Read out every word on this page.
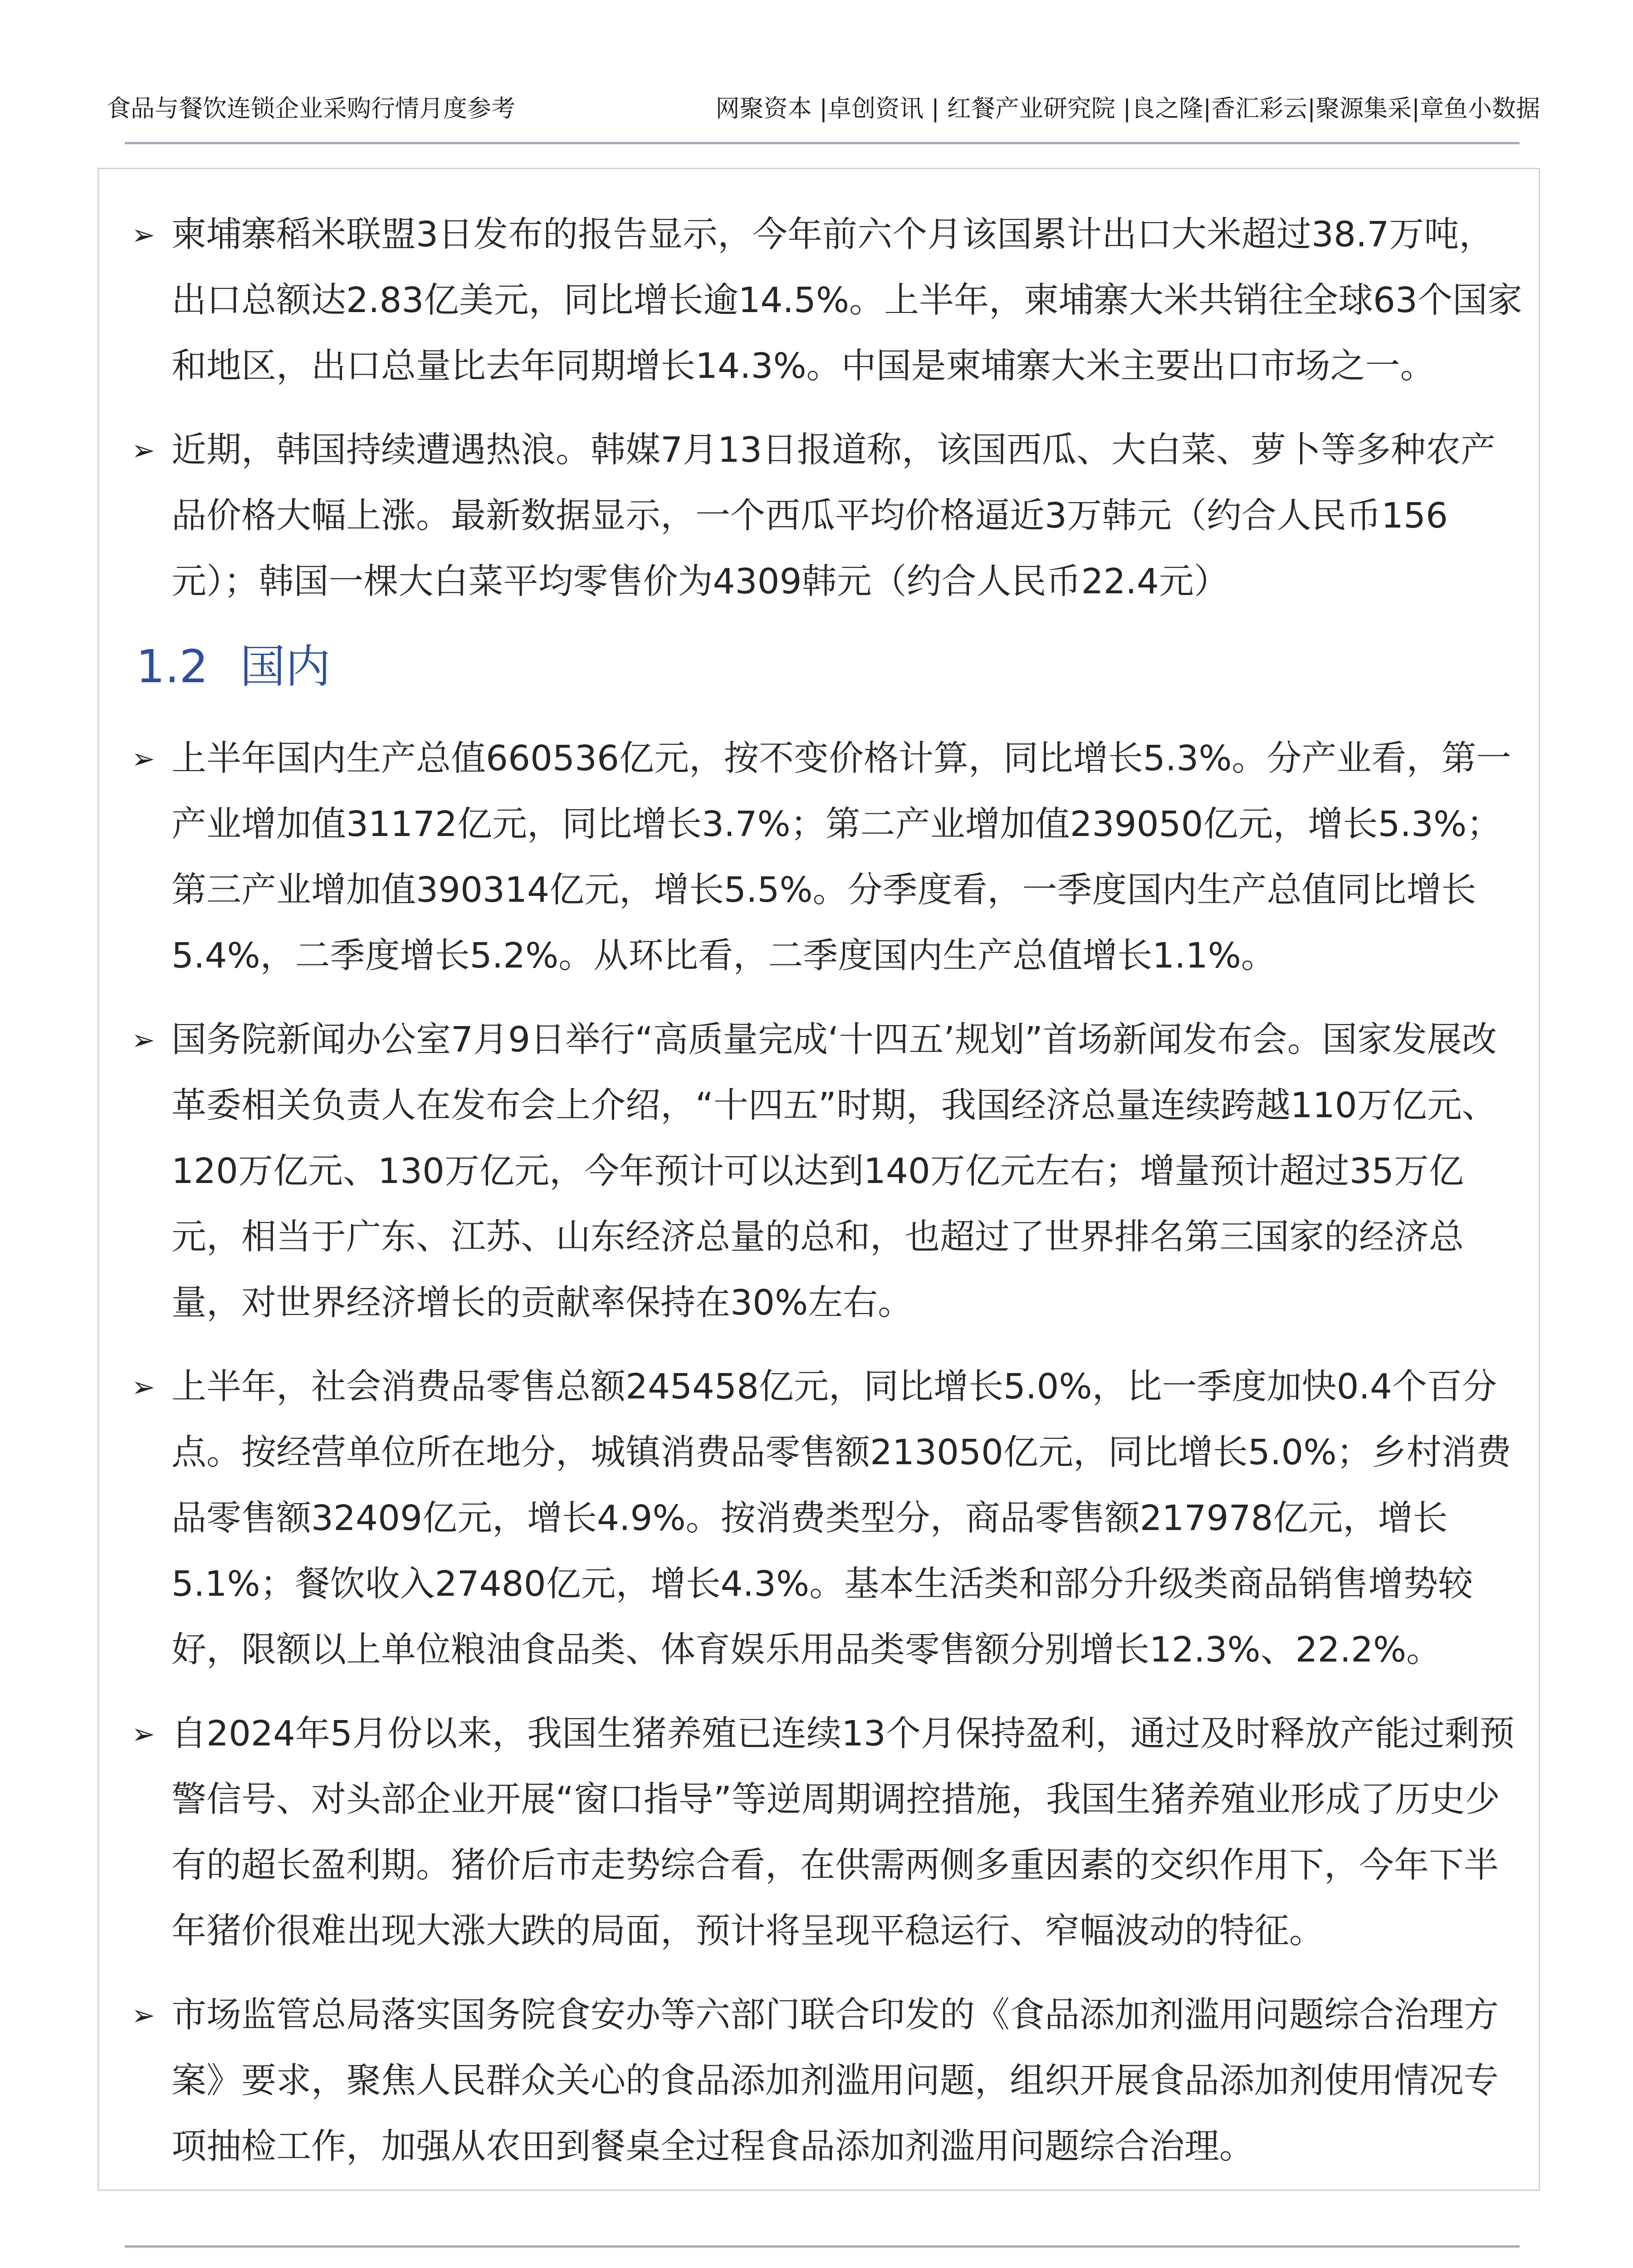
食品与餐饮连锁企业采购行情月度参考	网聚资本 |卓创资讯 | 红餐产业研究院 |良之隆|香汇彩云|聚源集采|章鱼小数据
➢ 柬埔寨稻米联盟3日发布的报告显示，今年前六个月该国累计出口大米超过38.7万吨，出口总额达2.83亿美元，同比增长逾14.5%。上半年，柬埔寨大米共销往全球63个国家和地区，出口总量比去年同期增长14.3%。中国是柬埔寨大米主要出口市场之一。
➢ 近期，韩国持续遭遇热浪。韩媒7月13日报道称，该国西瓜、大白菜、萝卜等多种农产品价格大幅上涨。最新数据显示，一个西瓜平均价格逼近3万韩元（约合人民币156元）；韩国一棵大白菜平均零售价为4309韩元（约合人民币22.4元）
1.2 国内
➢ 上半年国内生产总值660536亿元，按不变价格计算，同比增长5.3%。分产业看，第一产业增加值31172亿元，同比增长3.7%；第二产业增加值239050亿元，增长5.3%；第三产业增加值390314亿元，增长5.5%。分季度看，一季度国内生产总值同比增长5.4%，二季度增长5.2%。从环比看，二季度国内生产总值增长1.1%。
➢ 国务院新闻办公室7月9日举行“高质量完成‘十四五’规划”首场新闻发布会。国家发展改革委相关负责人在发布会上介绍，“十四五”时期，我国经济总量连续跨越110万亿元、120万亿元、130万亿元，今年预计可以达到140万亿元左右；增量预计超过35万亿元，相当于广东、江苏、山东经济总量的总和，也超过了世界排名第三国家的经济总量，对世界经济增长的贡献率保持在30%左右。
➢ 上半年，社会消费品零售总额245458亿元，同比增长5.0%，比一季度加快0.4个百分点。按经营单位所在地分，城镇消费品零售额213050亿元，同比增长5.0%；乡村消费品零售额32409亿元，增长4.9%。按消费类型分，商品零售额217978亿元，增长5.1%；餐饮收入27480亿元，增长4.3%。基本生活类和部分升级类商品销售增势较好，限额以上单位粮油食品类、体育娱乐用品类零售额分别增长12.3%、22.2%。
➢ 自2024年5月份以来，我国生猪养殖已连续13个月保持盈利，通过及时释放产能过剩预警信号、对头部企业开展“窗口指导”等逆周期调控措施，我国生猪养殖业形成了历史少有的超长盈利期。猪价后市走势综合看，在供需两侧多重因素的交织作用下，今年下半年猪价很难出现大涨大跌的局面，预计将呈现平稳运行、窄幅波动的特征。
➢ 市场监管总局落实国务院食安办等六部门联合印发的《食品添加剂滥用问题综合治理方案》要求，聚焦人民群众关心的食品添加剂滥用问题，组织开展食品添加剂使用情况专项抽检工作，加强从农田到餐桌全过程食品添加剂滥用问题综合治理。
